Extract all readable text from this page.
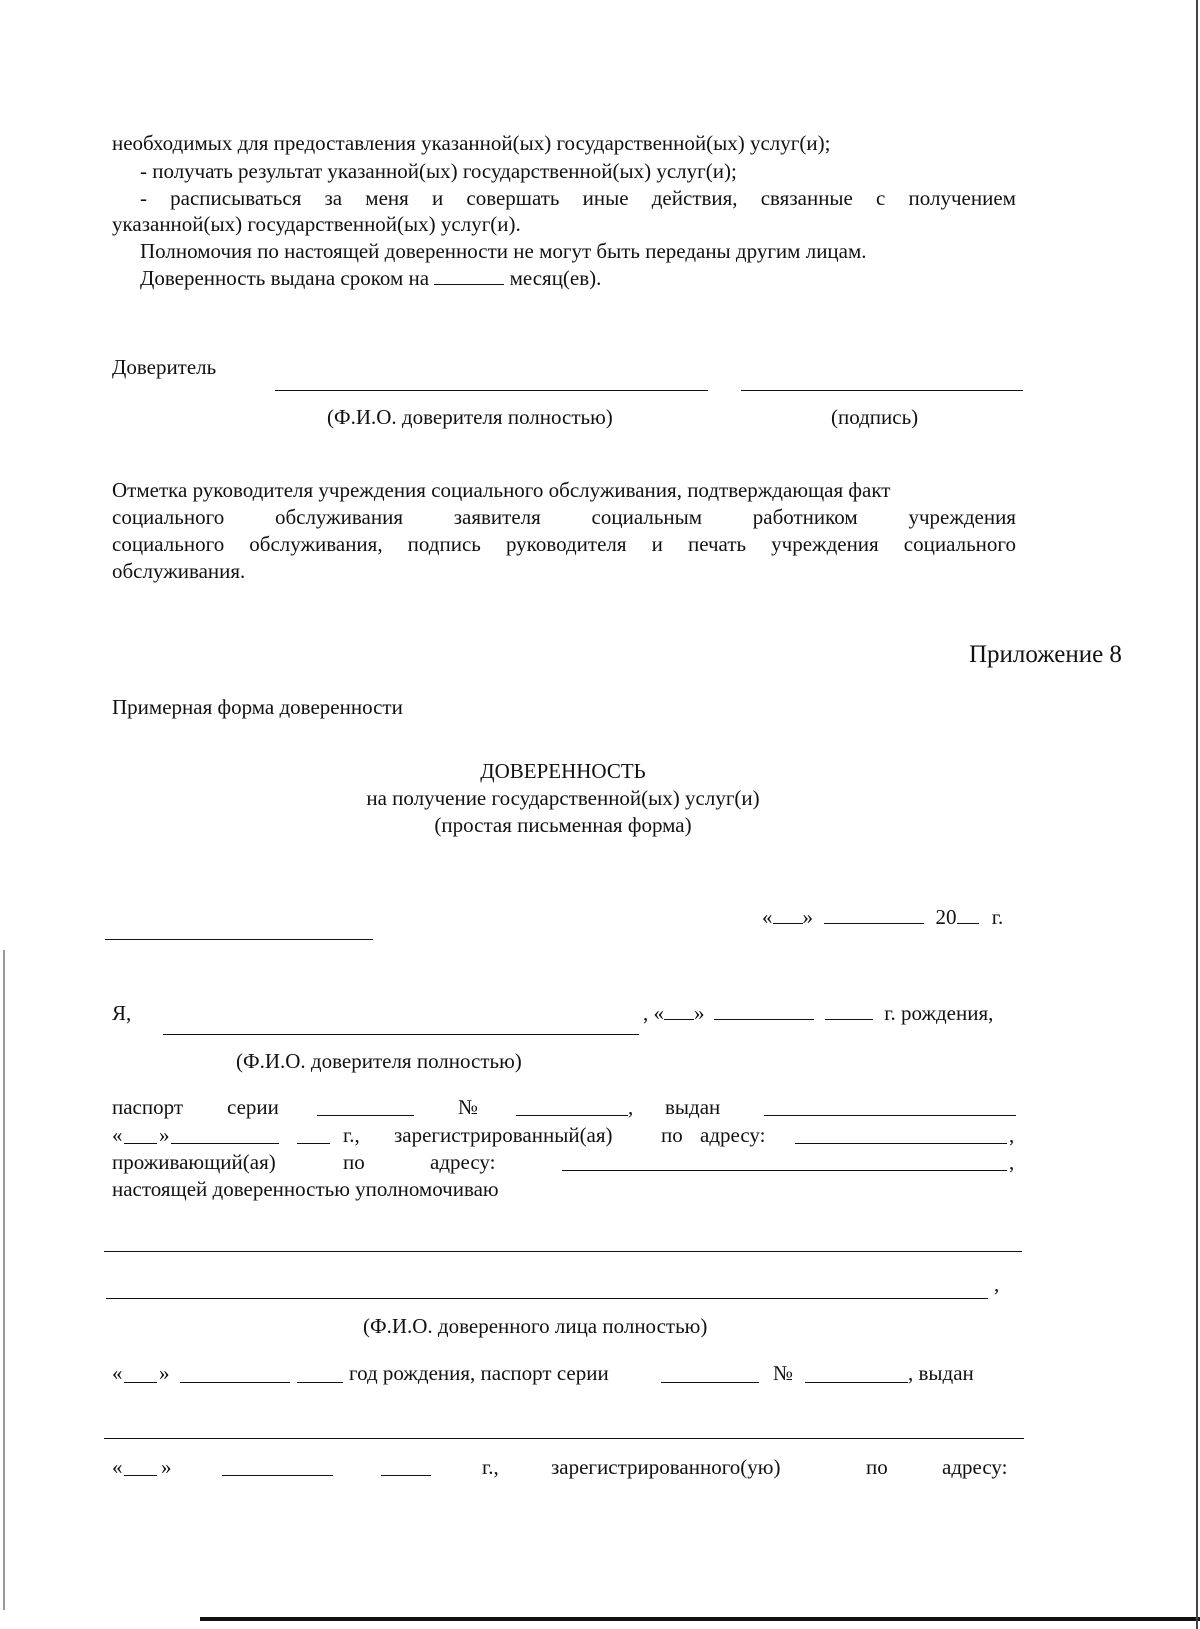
необходимых для предоставления указанной(ых) государственной(ых) услуг(и);
- получать результат указанной(ых) государственной(ых) услуг(и);
- расписываться за меня и совершать иные действия, связанные с получением
указанной(ых) государственной(ых) услуг(и).
Полномочия по настоящей доверенности не могут быть переданы другим лицам.
Доверенность выдана сроком на	месяц(ев).
Доверитель
(Ф.И.О. доверителя полностью)	(подпись)
Отметка руководителя учреждения социального обслуживания, подтверждающая факт
социального обслуживания заявителя социальным работником учреждения
социального обслуживания, подпись руководителя и печать учреждения социального
обслуживания.
Приложение 8
Примерная форма доверенности
ДОВЕРЕННОСТЬ
на получение государственной(ых) услуг(и)
(простая письменная форма)
« »	20 г.
Я,	, « »	г. рождения,
(Ф.И.О. доверителя полностью)
паспорт серии	№	, выдан
« »	г., зарегистрированный(ая) по адресу:	,
проживающий(ая)	по	адресу:	,
настоящей доверенностью уполномочиваю
,
(Ф.И.О. доверенного лица полностью)
« »	год рождения, паспорт серии	№	, выдан
« »	г., зарегистрированного(ую)	по	адресу:
